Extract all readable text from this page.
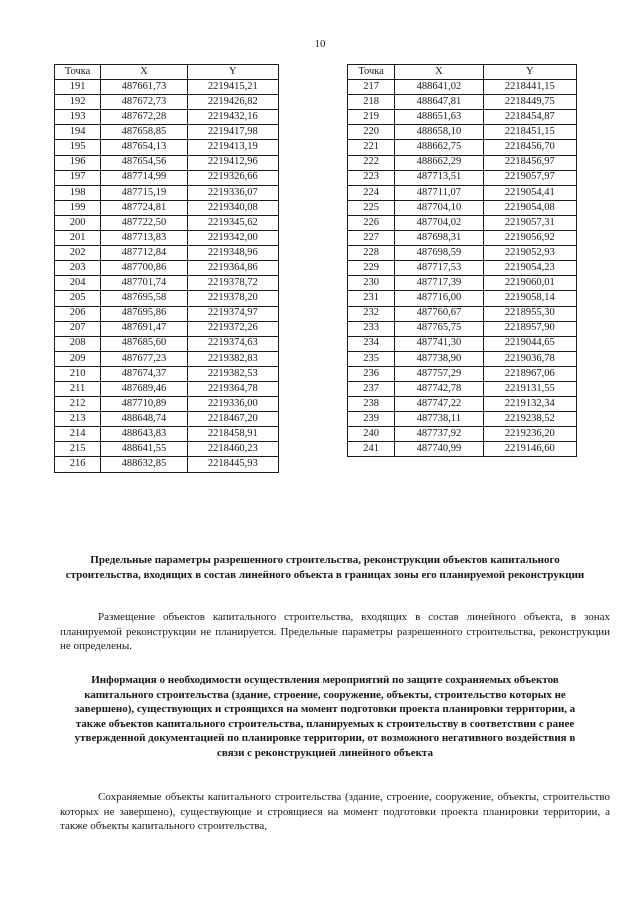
10
Точка	X	Y
191	487661,73	2219415,21
192	487672,73	2219426,82
193	487672,28	2219432,16
194	487658,85	2219417,98
195	487654,13	2219413,19
196	487654,56	2219412,96
197	487714,99	2219326,66
198	487715,19	2219336,07
199	487724,81	2219340,08
200	487722,50	2219345,62
201	487713,83	2219342,00
202	487712,84	2219348,96
203	487700,86	2219364,86
204	487701,74	2219378,72
205	487695,58	2219378,20
206	487695,86	2219374,97
207	487691,47	2219372,26
208	487685,60	2219374,63
209	487677,23	2219382,83
210	487674,37	2219382,53
211	487689,46	2219364,78
212	487710,89	2219336,00
213	488648,74	2218467,20
214	488643,83	2218458,91
215	488641,55	2218460,23
216	488632,85	2218445,93
Точка	X	Y
217	488641,02	2218441,15
218	488647,81	2218449,75
219	488651,63	2218454,87
220	488658,10	2218451,15
221	488662,75	2218456,70
222	488662,29	2218456,97
223	487713,51	2219057,97
224	487711,07	2219054,41
225	487704,10	2219054,08
226	487704,02	2219057,31
227	487698,31	2219056,92
228	487698,59	2219052,93
229	487717,53	2219054,23
230	487717,39	2219060,01
231	487716,00	2219058,14
232	487760,67	2218955,30
233	487765,75	2218957,90
234	487741,30	2219044,65
235	487738,90	2219036,78
236	487757,29	2218967,06
237	487742,78	2219131,55
238	487747,22	2219132,34
239	487738,11	2219238,52
240	487737,92	2219236,20
241	487740,99	2219146,60
Предельные параметры разрешенного строительства, реконструкции объектов капитального строительства, входящих в состав линейного объекта в границах зоны его планируемой реконструкции
Размещение объектов капитального строительства, входящих в состав линейного объекта, в зонах планируемой реконструкции не планируется. Предельные параметры разрешенного строительства, реконструкции не определены.
Информация о необходимости осуществления мероприятий по защите сохраняемых объектов капитального строительства (здание, строение, сооружение, объекты, строительство которых не завершено), существующих и строящихся на момент подготовки проекта планировки территории, а также объектов капитального строительства, планируемых к строительству в соответствии с ранее утвержденной документацией по планировке территории, от возможного негативного воздействия в связи с реконструкцией линейного объекта
Сохраняемые объекты капитального строительства (здание, строение, сооружение, объекты, строительство которых не завершено), существующие и строящиеся на момент подготовки проекта планировки территории, а также объекты капитального строительства,
